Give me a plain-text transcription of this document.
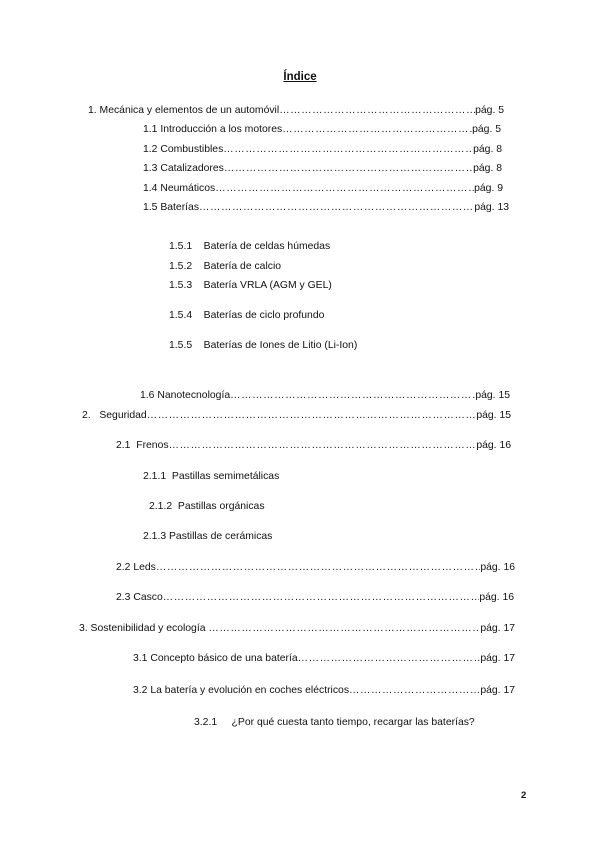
Índice
1. Mecánica y elementos de un automóvil ………………………………………………………………………………………………………………………………………………………………………………………………………………………	pág. 5
1.1 Introducción a los motores ………………………………………………………………………………………………………………………………………………………………………………………………………………………	pág. 5
1.2 Combustibles ………………………………………………………………………………………………………………………………………………………………………………………………………………………	pág. 8
1.3 Catalizadores ………………………………………………………………………………………………………………………………………………………………………………………………………………………	pág. 8
1.4 Neumáticos ………………………………………………………………………………………………………………………………………………………………………………………………………………………	pág. 9
1.5 Baterías ………………………………………………………………………………………………………………………………………………………………………………………………………………………	pág. 13
1.5.1    Batería de celdas húmedas
1.5.2    Batería de calcio
1.5.3    Batería VRLA (AGM y GEL)
1.5.4    Baterías de ciclo profundo
1.5.5    Baterías de Iones de Litio (Li-Ion)
1.6 Nanotecnología ………………………………………………………………………………………………………………………………………………………………………………………………………………………	pág. 15
2.   Seguridad ………………………………………………………………………………………………………………………………………………………………………………………………………………………	pág. 15
2.1  Frenos ………………………………………………………………………………………………………………………………………………………………………………………………………………………	pág. 16
2.1.1  Pastillas semimetálicas
2.1.2  Pastillas orgánicas
2.1.3 Pastillas de cerámicas
2.2 Leds ………………………………………………………………………………………………………………………………………………………………………………………………………………………	pág. 16
2.3 Casco ………………………………………………………………………………………………………………………………………………………………………………………………………………………	pág. 16
3. Sostenibilidad y ecología ………………………………………………………………………………………………………………………………………………………………………………………………………………………	pág. 17
3.1 Concepto básico de una batería ………………………………………………………………………………………………………………………………………………………………………………………………………………………	pág. 17
3.2 La batería y evolución en coches eléctricos ………………………………………………………………………………………………………………………………………………………………………………………………………………………	pág. 17
3.2.1     ¿Por qué cuesta tanto tiempo, recargar las baterías?
2
